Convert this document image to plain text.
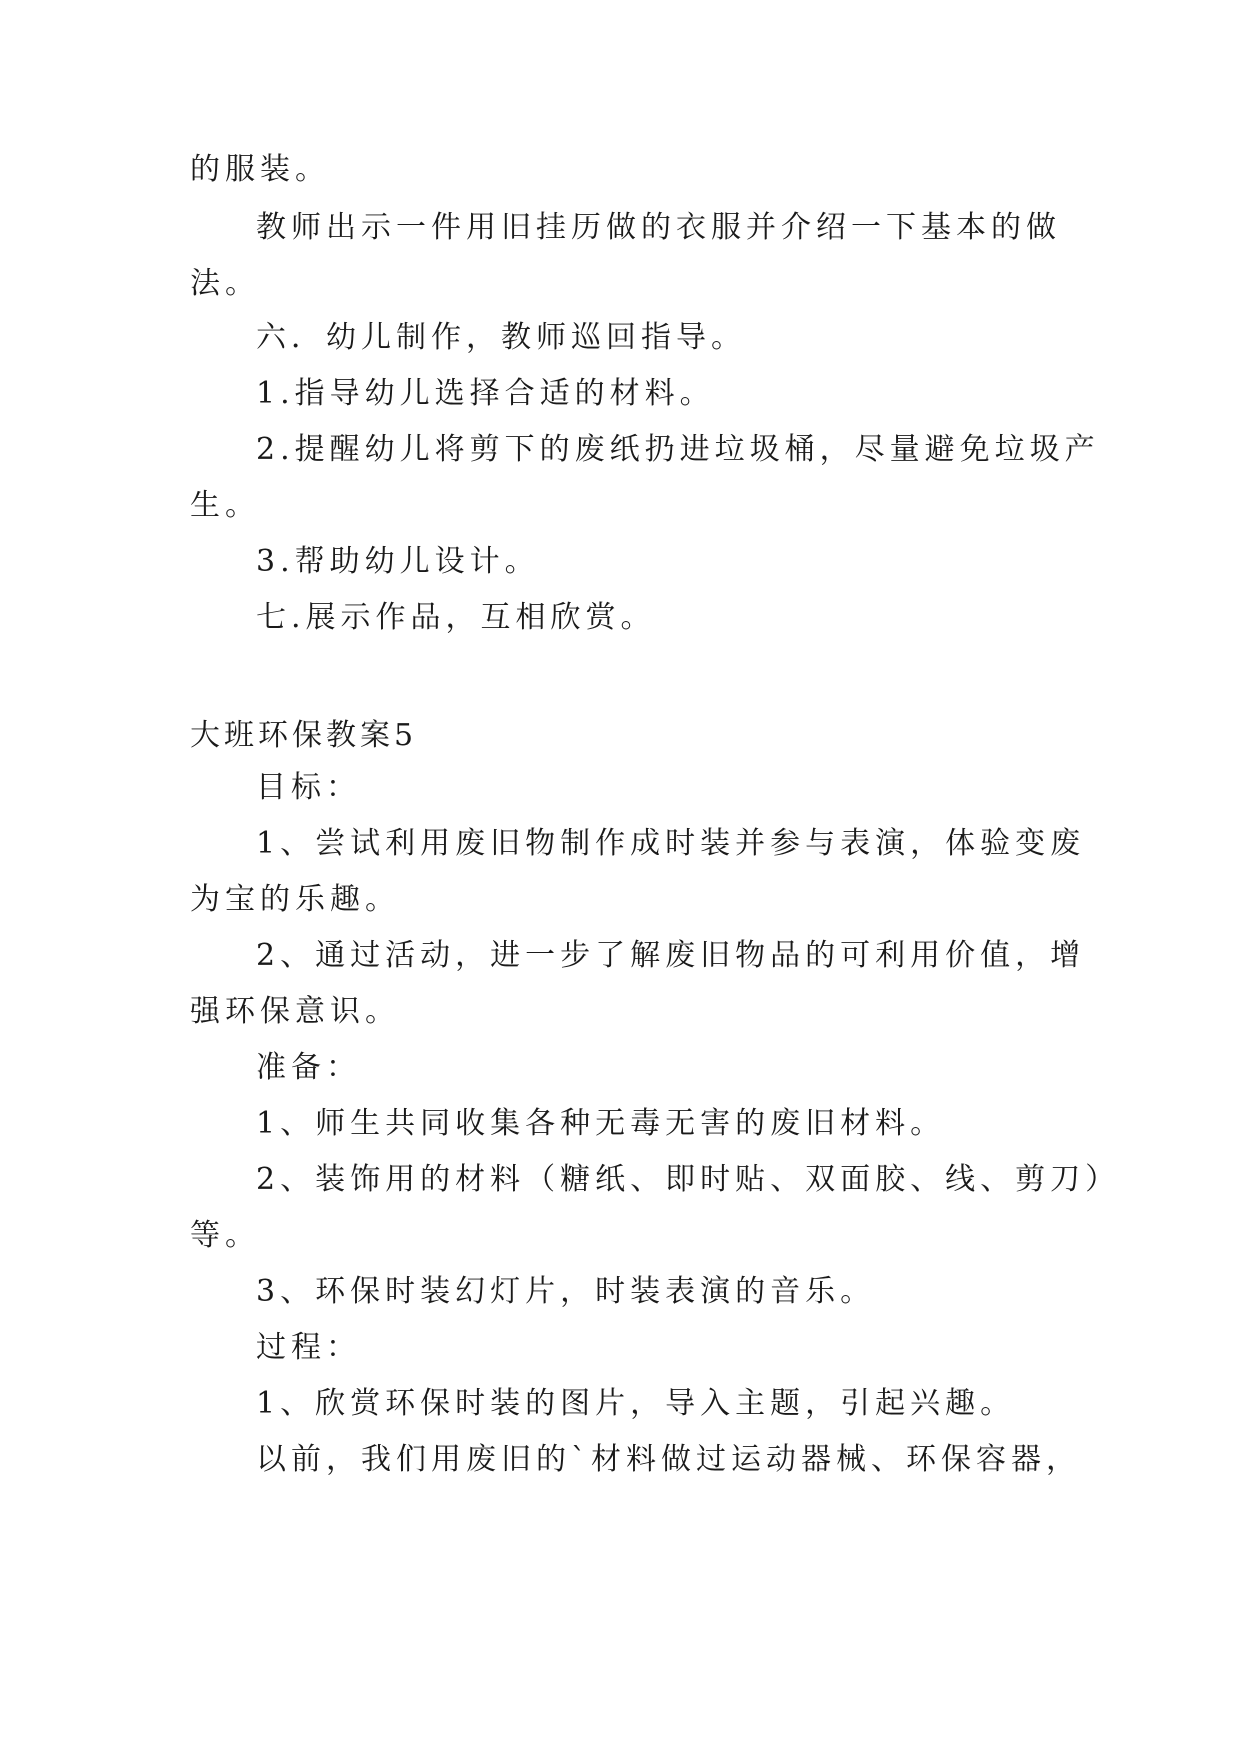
的服装。
教师出示一件用旧挂历做的衣服并介绍一下基本的做
法。
六．幼儿制作，教师巡回指导。
1.指导幼儿选择合适的材料。
2.提醒幼儿将剪下的废纸扔进垃圾桶，尽量避免垃圾产
生。
3.帮助幼儿设计。
七.展示作品，互相欣赏。
大班环保教案5
目标：
1、尝试利用废旧物制作成时装并参与表演，体验变废
为宝的乐趣。
2、通过活动，进一步了解废旧物品的可利用价值，增
强环保意识。
准备：
1、师生共同收集各种无毒无害的废旧材料。
2、装饰用的材料（糖纸、即时贴、双面胶、线、剪刀）
等。
3、环保时装幻灯片，时装表演的音乐。
过程：
1、欣赏环保时装的图片，导入主题，引起兴趣。
以前，我们用废旧的`材料做过运动器械、环保容器，
